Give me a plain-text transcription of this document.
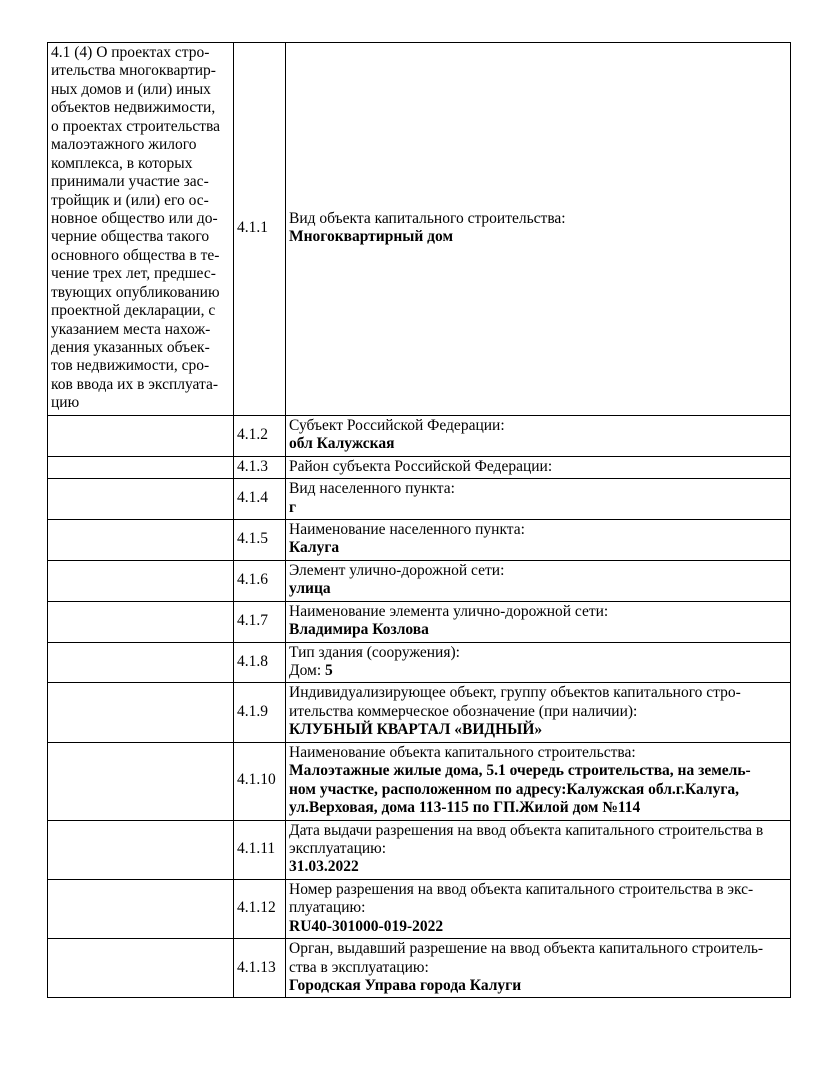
4.1 (4) О проектах стро-
ительства многоквартир-
ных домов и (или) иных
объектов недвижимости,
о проектах строительства
малоэтажного жилого
комплекса, в которых
принимали участие зас-
тройщик и (или) его ос-
новное общество или до-
черние общества такого
основного общества в те-
чение трех лет, предшес-
твующих опубликованию
проектной декларации, с
указанием места нахож-
дения указанных объек-
тов недвижимости, сро-
ков ввода их в эксплуата-
цию	4.1.1	Вид объекта капитального строительства:
Многоквартирный дом
	4.1.2	Субъект Российской Федерации:
обл Калужская
	4.1.3	Район субъекта Российской Федерации:
	4.1.4	Вид населенного пункта:
г
	4.1.5	Наименование населенного пункта:
Калуга
	4.1.6	Элемент улично-дорожной сети:
улица
	4.1.7	Наименование элемента улично-дорожной сети:
Владимира Козлова
	4.1.8	Тип здания (сооружения):
Дом: 5
	4.1.9	Индивидуализирующее объект, группу объектов капитального стро-
ительства коммерческое обозначение (при наличии):
КЛУБНЫЙ КВАРТАЛ «ВИДНЫЙ»
	4.1.10	Наименование объекта капитального строительства:
Малоэтажные жилые дома, 5.1 очередь строительства, на земель-
ном участке, расположенном по адресу:Калужская обл.г.Калуга,
ул.Верховая, дома 113-115 по ГП.Жилой дом №114
	4.1.11	Дата выдачи разрешения на ввод объекта капитального строительства в
эксплуатацию:
31.03.2022
	4.1.12	Номер разрешения на ввод объекта капитального строительства в экс-
плуатацию:
RU40-301000-019-2022
	4.1.13	Орган, выдавший разрешение на ввод объекта капитального строитель-
ства в эксплуатацию:
Городская Управа города Калуги
